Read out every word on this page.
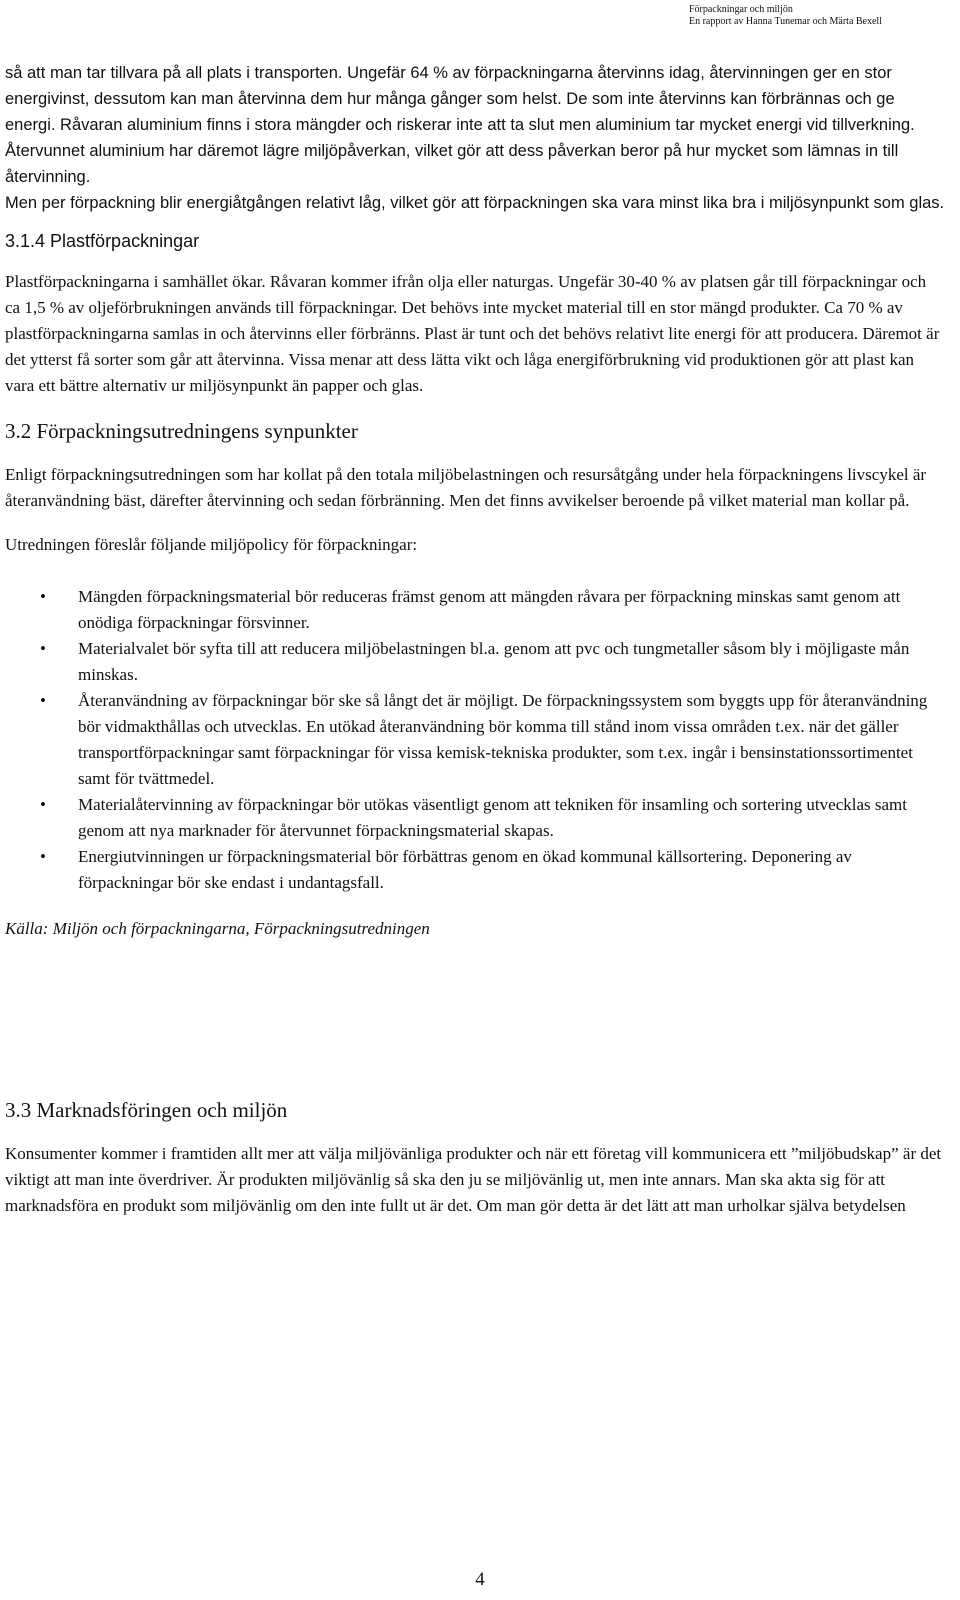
Förpackningar och miljön
En rapport av Hanna Tunemar och Märta Bexell

så att man tar tillvara på all plats i transporten. Ungefär 64 % av förpackningarna återvinns idag, återvinningen ger en stor energivinst, dessutom kan man återvinna dem hur många gånger som helst. De som inte återvinns kan förbrännas och ge energi. Råvaran aluminium finns i stora mängder och riskerar inte att ta slut men aluminium tar mycket energi vid tillverkning. Återvunnet aluminium har däremot lägre miljöpåverkan, vilket gör att dess påverkan beror på hur mycket som lämnas in till återvinning.

Men per förpackning blir energiåtgången relativt låg, vilket gör att förpackningen ska vara minst lika bra i miljösynpunkt som glas.

3.1.4 Plastförpackningar

Plastförpackningarna i samhället ökar. Råvaran kommer ifrån olja eller naturgas. Ungefär 30-40 % av platsen går till förpackningar och ca 1,5 % av oljeförbrukningen används till förpackningar. Det behövs inte mycket material till en stor mängd produkter. Ca 70 % av plastförpackningarna samlas in och återvinns eller förbränns. Plast är tunt och det behövs relativt lite energi för att producera. Däremot är det ytterst få sorter som går att återvinna. Vissa menar att dess lätta vikt och låga energiförbrukning vid produktionen gör att plast kan vara ett bättre alternativ ur miljösynpunkt än papper och glas.

3.2 Förpackningsutredningens synpunkter

Enligt förpackningsutredningen som har kollat på den totala miljöbelastningen och resursåtgång under hela förpackningens livscykel är återanvändning bäst, därefter återvinning och sedan förbränning. Men det finns avvikelser beroende på vilket material man kollar på.

Utredningen föreslår följande miljöpolicy för förpackningar:

• Mängden förpackningsmaterial bör reduceras främst genom att mängden råvara per förpackning minskas samt genom att onödiga förpackningar försvinner.
• Materialvalet bör syfta till att reducera miljöbelastningen bl.a. genom att pvc och tungmetaller såsom bly i möjligaste mån minskas.
• Återanvändning av förpackningar bör ske så långt det är möjligt. De förpackningssystem som byggts upp för återanvändning bör vidmakthållas och utvecklas. En utökad återanvändning bör komma till stånd inom vissa områden t.ex. när det gäller transportförpackningar samt förpackningar för vissa kemisk-tekniska produkter, som t.ex. ingår i bensinstationssortimentet samt för tvättmedel.
• Materialåtervinning av förpackningar bör utökas väsentligt genom att tekniken för insamling och sortering utvecklas samt genom att nya marknader för återvunnet förpackningsmaterial skapas.
• Energiutvinningen ur förpackningsmaterial bör förbättras genom en ökad kommunal källsortering. Deponering av förpackningar bör ske endast i undantagsfall.

Källa: Miljön och förpackningarna, Förpackningsutredningen

3.3 Marknadsföringen och miljön

Konsumenter kommer i framtiden allt mer att välja miljövänliga produkter och när ett företag vill kommunicera ett ”miljöbudskap” är det viktigt att man inte överdriver. Är produkten miljövänlig så ska den ju se miljövänlig ut, men inte annars. Man ska akta sig för att marknadsföra en produkt som miljövänlig om den inte fullt ut är det. Om man gör detta är det lätt att man urholkar själva betydelsen

4
